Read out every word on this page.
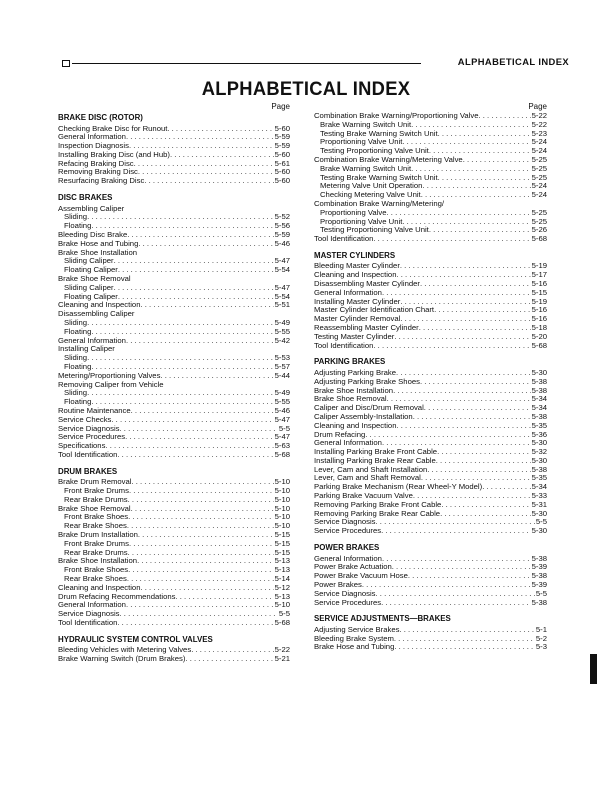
ALPHABETICAL INDEX
ALPHABETICAL INDEX
Page
BRAKE DISC (ROTOR)
Checking Brake Disc for Runout . . .	5-60
General Information . . .	5-59
Inspection Diagnosis . . .	5-59
Installing Braking Disc (and Hub) . . .	5-60
Refacing Braking Disc . . .	5-61
Removing Braking Disc . . .	5-60
Resurfacing Braking Disc . . .	5-60
DISC BRAKES
Assembling Caliper
Sliding . . .	5-52
Floating . . .	5-56
Bleeding Disc Brake . . .	5-59
Brake Hose and Tubing . . .	5-46
Brake Shoe Installation
Sliding Caliper . . .	5-47
Floating Caliper . . .	5-54
Brake Shoe Removal
Sliding Caliper . . .	5-47
Floating Caliper . . .	5-54
Cleaning and Inspection . . .	5-51
Disassembling Caliper
Sliding . . .	5-49
Floating . . .	5-55
General Information . . .	5-42
Installing Caliper
Sliding . . .	5-53
Floating . . .	5-57
Metering/Proportioning Valves . . .	5-44
Removing Caliper from Vehicle
Sliding . . .	5-49
Floating . . .	5-55
Routine Maintenance . . .	5-46
Service Checks . . .	5-47
Service Diagnosis . . .	5-5
Service Procedures . . .	5-47
Specifications . . .	5-63
Tool Identification . . .	5-68
DRUM BRAKES
Brake Drum Removal . . .	5-10
Front Brake Drums . . .	5-10
Rear Brake Drums . . .	5-10
Brake Shoe Removal . . .	5-10
Front Brake Shoes . . .	5-10
Rear Brake Shoes . . .	5-10
Brake Drum Installation . . .	5-15
Front Brake Drums . . .	5-15
Rear Brake Drums . . .	5-15
Brake Shoe Installation . . .	5-13
Front Brake Shoes . . .	5-13
Rear Brake Shoes . . .	5-14
Cleaning and Inspection . . .	5-12
Drum Refacing Recommendations . . .	5-13
General Information . . .	5-10
Service Diagnosis . . .	5-5
Tool Identification . . .	5-68
HYDRAULIC SYSTEM CONTROL VALVES
Bleeding Vehicles with Metering Valves . . .	5-22
Brake Warning Switch (Drum Brakes) . . .	5-21
Page
Combination Brake Warning/Proportioning Valve . . .	5-22
Brake Warning Switch Unit . . .	5-22
Testing Brake Warning Switch Unit . . .	5-23
Proportioning Valve Unit . . .	5-24
Testing Proportioning Valve Unit . . .	5-24
Combination Brake Warning/Metering Valve . . .	5-25
Brake Warning Switch Unit . . .	5-25
Testing Brake Warning Switch Unit . . .	5-25
Metering Valve Unit Operation . . .	5-24
Checking Metering Valve Unit . . .	5-24
Combination Brake Warning/Metering/
Proportioning Valve . . .	5-25
Proportioning Valve Unit . . .	5-25
Testing Proportioning Valve Unit . . .	5-26
Tool Identification . . .	5-68
MASTER CYLINDERS
Bleeding Master Cylinder . . .	5-19
Cleaning and Inspection . . .	5-17
Disassembling Master Cylinder . . .	5-16
General Information . . .	5-15
Installing Master Cylinder . . .	5-19
Master Cylinder Identification Chart . . .	5-16
Master Cylinder Removal . . .	5-16
Reassembling Master Cylinder . . .	5-18
Testing Master Cylinder . . .	5-20
Tool Identification . . .	5-68
PARKING BRAKES
Adjusting Parking Brake . . .	5-30
Adjusting Parking Brake Shoes . . .	5-38
Brake Shoe Installation . . .	5-38
Brake Shoe Removal . . .	5-34
Caliper and Disc/Drum Removal . . .	5-34
Caliper Assembly-Installation . . .	5-38
Cleaning and Inspection . . .	5-35
Drum Refacing . . .	5-36
General Information . . .	5-30
Installing Parking Brake Front Cable . . .	5-32
Installing Parking Brake Rear Cable . . .	5-30
Lever, Cam and Shaft Installation . . .	5-38
Lever, Cam and Shaft Removal . . .	5-35
Parking Brake Mechanism (Rear Wheel-Y Model) . . .	5-34
Parking Brake Vacuum Valve . . .	5-33
Removing Parking Brake Front Cable . . .	5-31
Removing Parking Brake Rear Cable . . .	5-30
Service Diagnosis . . .	5-5
Service Procedures . . .	5-30
POWER BRAKES
General Information . . .	5-38
Power Brake Actuation . . .	5-39
Power Brake Vacuum Hose . . .	5-38
Power Brakes . . .	5-39
Service Diagnosis . . .	5-5
Service Procedures . . .	5-38
SERVICE ADJUSTMENTS—BRAKES
Adjusting Service Brakes . . .	5-1
Bleeding Brake System . . .	5-2
Brake Hose and Tubing . . .	5-3
